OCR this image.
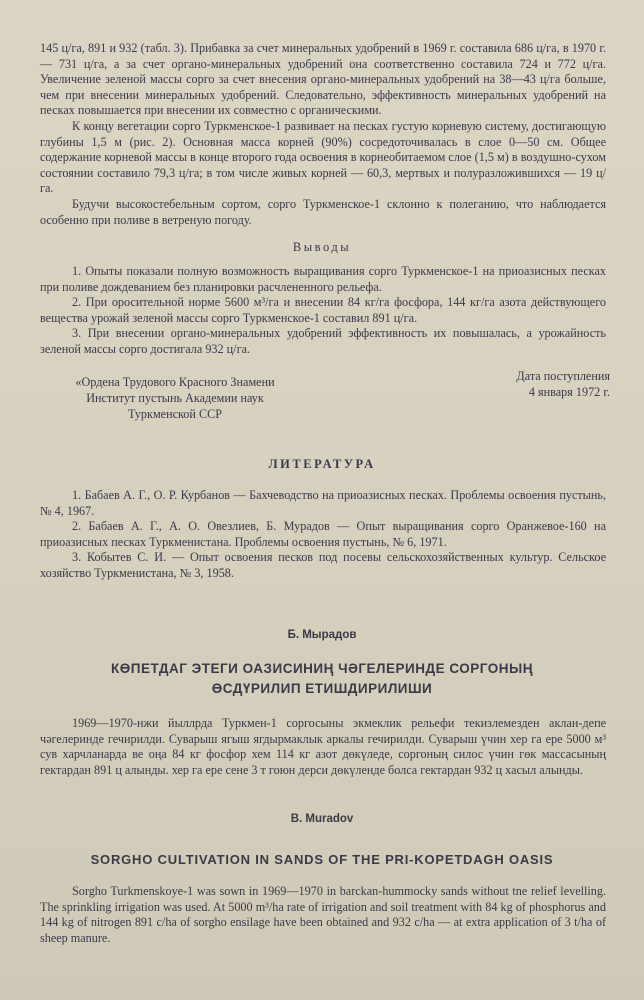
145 ц/га, 891 и 932 (табл. 3). Прибавка за счет минеральных удобрений в 1969 г. составила 686 ц/га, в 1970 г.— 731 ц/га, а за счет органо-минеральных удобрений она соответственно составила 724 и 772 ц/га. Увеличение зеленой массы сорго за счет внесения органо-минеральных удобрений на 38—43 ц/га больше, чем при внесении минеральных удобрений. Следовательно, эффективность минеральных удобрений на песках повышается при внесении их совместно с органическими.

К концу вегетации сорго Туркменское-1 развивает на песках густую корневую систему, достигающую глубины 1,5 м (рис. 2). Основная масса корней (90%) сосредоточивалась в слое 0—50 см. Общее содержание корневой массы в конце второго года освоения в корнеобитаемом слое (1,5 м) в воздушно-сухом состоянии составило 79,3 ц/га; в том числе живых корней — 60,3, мертвых и полуразложившихся — 19 ц/га.

Будучи высокостебельным сортом, сорго Туркменское-1 склонно к полеганию, что наблюдается особенно при поливе в ветреную погоду.

Выводы

1. Опыты показали полную возможность выращивания сорго Туркменское-1 на приоазисных песках при поливе дождеванием без планировки расчлененного рельефа.

2. При оросительной норме 5600 м³/га и внесении 84 кг/га фосфора, 144 кг/га азота действующего вещества урожай зеленой массы сорго Туркменское-1 составил 891 ц/га.

3. При внесении органо-минеральных удобрений эффективность их повышалась, а урожайность зеленой массы сорго достигала 932 ц/га.

«Ордена Трудового Красного Знамени
Институт пустынь Академии наук
Туркменской ССР
Дата поступления
4 января 1972 г.
ЛИТЕРАТУРА

1. Бабаев А. Г., О. Р. Курбанов — Бахчеводство на приоазисных песках. Проблемы освоения пустынь, № 4, 1967.

2. Бабаев А. Г., А. О. Овезлиев, Б. Мурадов — Опыт выращивания сорго Оранжевое-160 на приоазисных песках Туркменистана. Проблемы освоения пустынь, № 6, 1971.

3. Кобытев С. И. — Опыт освоения песков под посевы сельскохозяйственных культур. Сельское хозяйство Туркменистана, № 3, 1958.

Б. Мырадов
КӨПЕТДАГ ЭТЕГИ ОАЗИСИНИҢ ЧӘГЕЛЕРИНДЕ СОРГОНЫҢ
ӨСДҮРИЛИП ЕТИШДИРИЛИШИ

1969—1970-нжи йыллрда Туркмен-1 соргосыны экмеклик рельефи текизлемезден аклан-депе чәгелеринде гечирилди. Суварыш ягыш ягдырмаклык аркалы гечирилди. Суварыш үчин хер га ере 5000 м³ сув харчланарда ве оңа 84 кг фосфор хем 114 кг азот дөкүледе, соргоның силос үчин гөк массасының гектардан 891 ц алынды. хер га ере сене 3 т гоюн дерси дөкүленде болса гектардан 932 ц хасыл алынды.

B. Muradov
SORGHO CULTIVATION IN SANDS OF THE PRI-KOPETDAGH OASIS

Sorgho Turkmenskoye-1 was sown in 1969—1970 in barckan-hummocky sands without tne relief levelling. The sprinkling irrigation was used. At 5000 m³/ha rate of irrigation and soil treatment with 84 kg of phosphorus and 144 kg of nitrogen 891 c/ha of sorgho ensilage have been obtained and 932 c/ha — at extra application of 3 t/ha of sheep manure.
